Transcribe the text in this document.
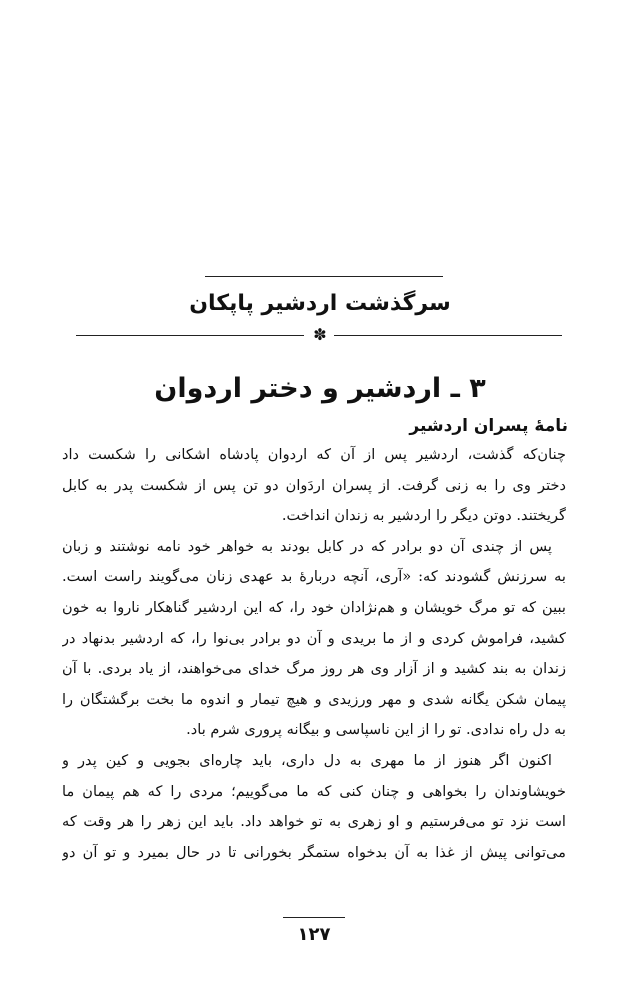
سرگذشت اردشیر پاپکان
✽
۳ ـ اردشیر و دختر اردوان
نامهٔ پسران اردشیر
چنان‌که گذشت، اردشیر پس از آن که اردوان پادشاه اشکانی را شکست داد
دختر وی را به زنی گرفت. از پسران اردَوان دو تن پس از شکست پدر به کابل
گریختند. دوتن دیگر را اردشیر به زندان انداخت.
پس از چندی آن دو برادر که در کابل بودند به خواهر خود نامه نوشتند و زبان
به سرزنش گشودند که: «آری، آنچه دربارهٔ بد عهدی زنان می‌گویند راست است.
ببین که تو مرگ خویشان و هم‌نژادان خود را، که این اردشیر گناهکار ناروا به خون
کشید، فراموش کردی و از ما بریدی و آن دو برادر بی‌نوا را، که اردشیر بدنهاد در
زندان به بند کشید و از آزار وی هر روز مرگ خدای می‌خواهند، از یاد بردی. با آن
پیمان شکن یگانه شدی و مهر ورزیدی و هیچ تیمار و اندوه ما بخت برگشتگان را
به دل راه ندادی. تو را از این ناسپاسی و بیگانه پروری شرم باد.
اکنون اگر هنوز از ما مهری به دل داری، باید چاره‌ای بجویی و کین پدر و
خویشاوندان را بخواهی و چنان کنی که ما می‌گوییم؛ مردی را که هم پیمان ما
است نزد تو می‌فرستیم و او زهری به تو خواهد داد. باید این زهر را هر وقت که
می‌توانی پیش از غذا به آن بدخواه ستمگر بخورانی تا در حال بمیرد و تو آن دو
۱۲۷
